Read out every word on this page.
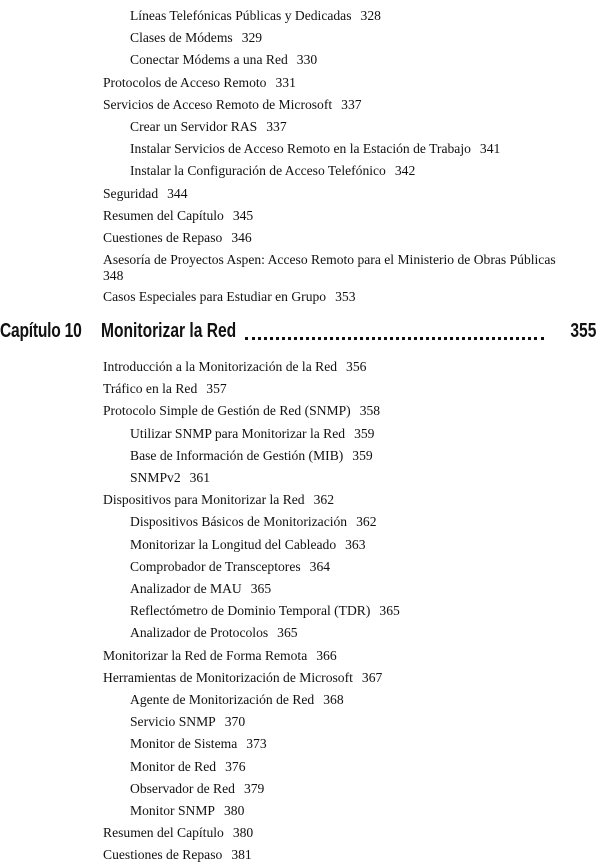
Líneas Telefónicas Públicas y Dedicadas 328
Clases de Módems 329
Conectar Módems a una Red 330
Protocolos de Acceso Remoto 331
Servicios de Acceso Remoto de Microsoft 337
Crear un Servidor RAS 337
Instalar Servicios de Acceso Remoto en la Estación de Trabajo 341
Instalar la Configuración de Acceso Telefónico 342
Seguridad 344
Resumen del Capítulo 345
Cuestiones de Repaso 346
Asesoría de Proyectos Aspen: Acceso Remoto para el Ministerio de Obras Públicas
348
Casos Especiales para Estudiar en Grupo 353
Capítulo 10 Monitorizar la Red	355
Introducción a la Monitorización de la Red 356
Tráfico en la Red 357
Protocolo Simple de Gestión de Red (SNMP) 358
Utilizar SNMP para Monitorizar la Red 359
Base de Información de Gestión (MIB) 359
SNMPv2 361
Dispositivos para Monitorizar la Red 362
Dispositivos Básicos de Monitorización 362
Monitorizar la Longitud del Cableado 363
Comprobador de Transceptores 364
Analizador de MAU 365
Reflectómetro de Dominio Temporal (TDR) 365
Analizador de Protocolos 365
Monitorizar la Red de Forma Remota 366
Herramientas de Monitorización de Microsoft 367
Agente de Monitorización de Red 368
Servicio SNMP 370
Monitor de Sistema 373
Monitor de Red 376
Observador de Red 379
Monitor SNMP 380
Resumen del Capítulo 380
Cuestiones de Repaso 381
